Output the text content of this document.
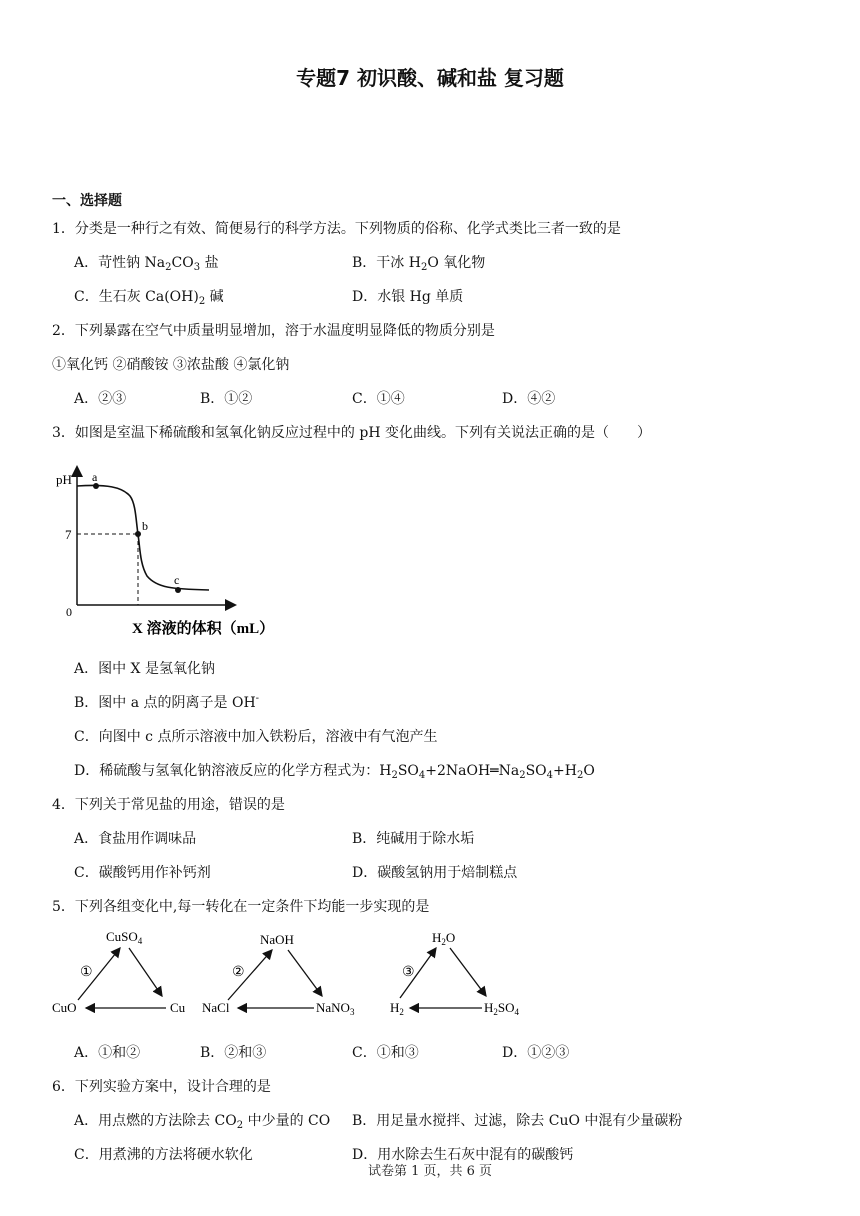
专题7 初识酸、碱和盐 复习题
一、选择题
1．分类是一种行之有效、简便易行的科学方法。下列物质的俗称、化学式类比三者一致的是
A．苛性钠 $Na_2CO_3$ 盐	B．干冰 $H_2O$ 氧化物
C．生石灰 $Ca(OH)_2$ 碱	D．水银 Hg 单质
2．下列暴露在空气中质量明显增加，溶于水温度明显降低的物质分别是
①氧化钙 ②硝酸铵 ③浓盐酸 ④氯化钠
A．②③	B．①②	C．①④	D．④②
3．如图是室温下稀硫酸和氢氧化钠反应过程中的 pH 变化曲线。下列有关说法正确的是（　　）
pH
7
0
a
b
c
X 溶液的体积（mL）
A．图中 X 是氢氧化钠
B．图中 a 点的阴离子是 OH-
C．向图中 c 点所示溶液中加入铁粉后，溶液中有气泡产生
D．稀硫酸与氢氧化钠溶液反应的化学方程式为：$H_2SO_4+2NaOH═Na_2SO_4+H_2O$
4．下列关于常见盐的用途，错误的是
A．食盐用作调味品	B．纯碱用于除水垢
C．碳酸钙用作补钙剂	D．碳酸氢钠用于焙制糕点
5．下列各组变化中,每一转化在一定条件下均能一步实现的是
CuSO$_4$
CuO	Cu
①
NaOH
NaCl	NaNO$_3$
②
$H_2O$
$H_2$	$H_2SO_4$
③
A．①和②	B．②和③	C．①和③	D．①②③
6．下列实验方案中，设计合理的是
A．用点燃的方法除去 $CO_2$ 中少量的 CO B．用足量水搅拌、过滤，除去 CuO 中混有少量碳粉
C．用煮沸的方法将硬水软化	D．用水除去生石灰中混有的碳酸钙
试卷第 1 页，共 6 页
